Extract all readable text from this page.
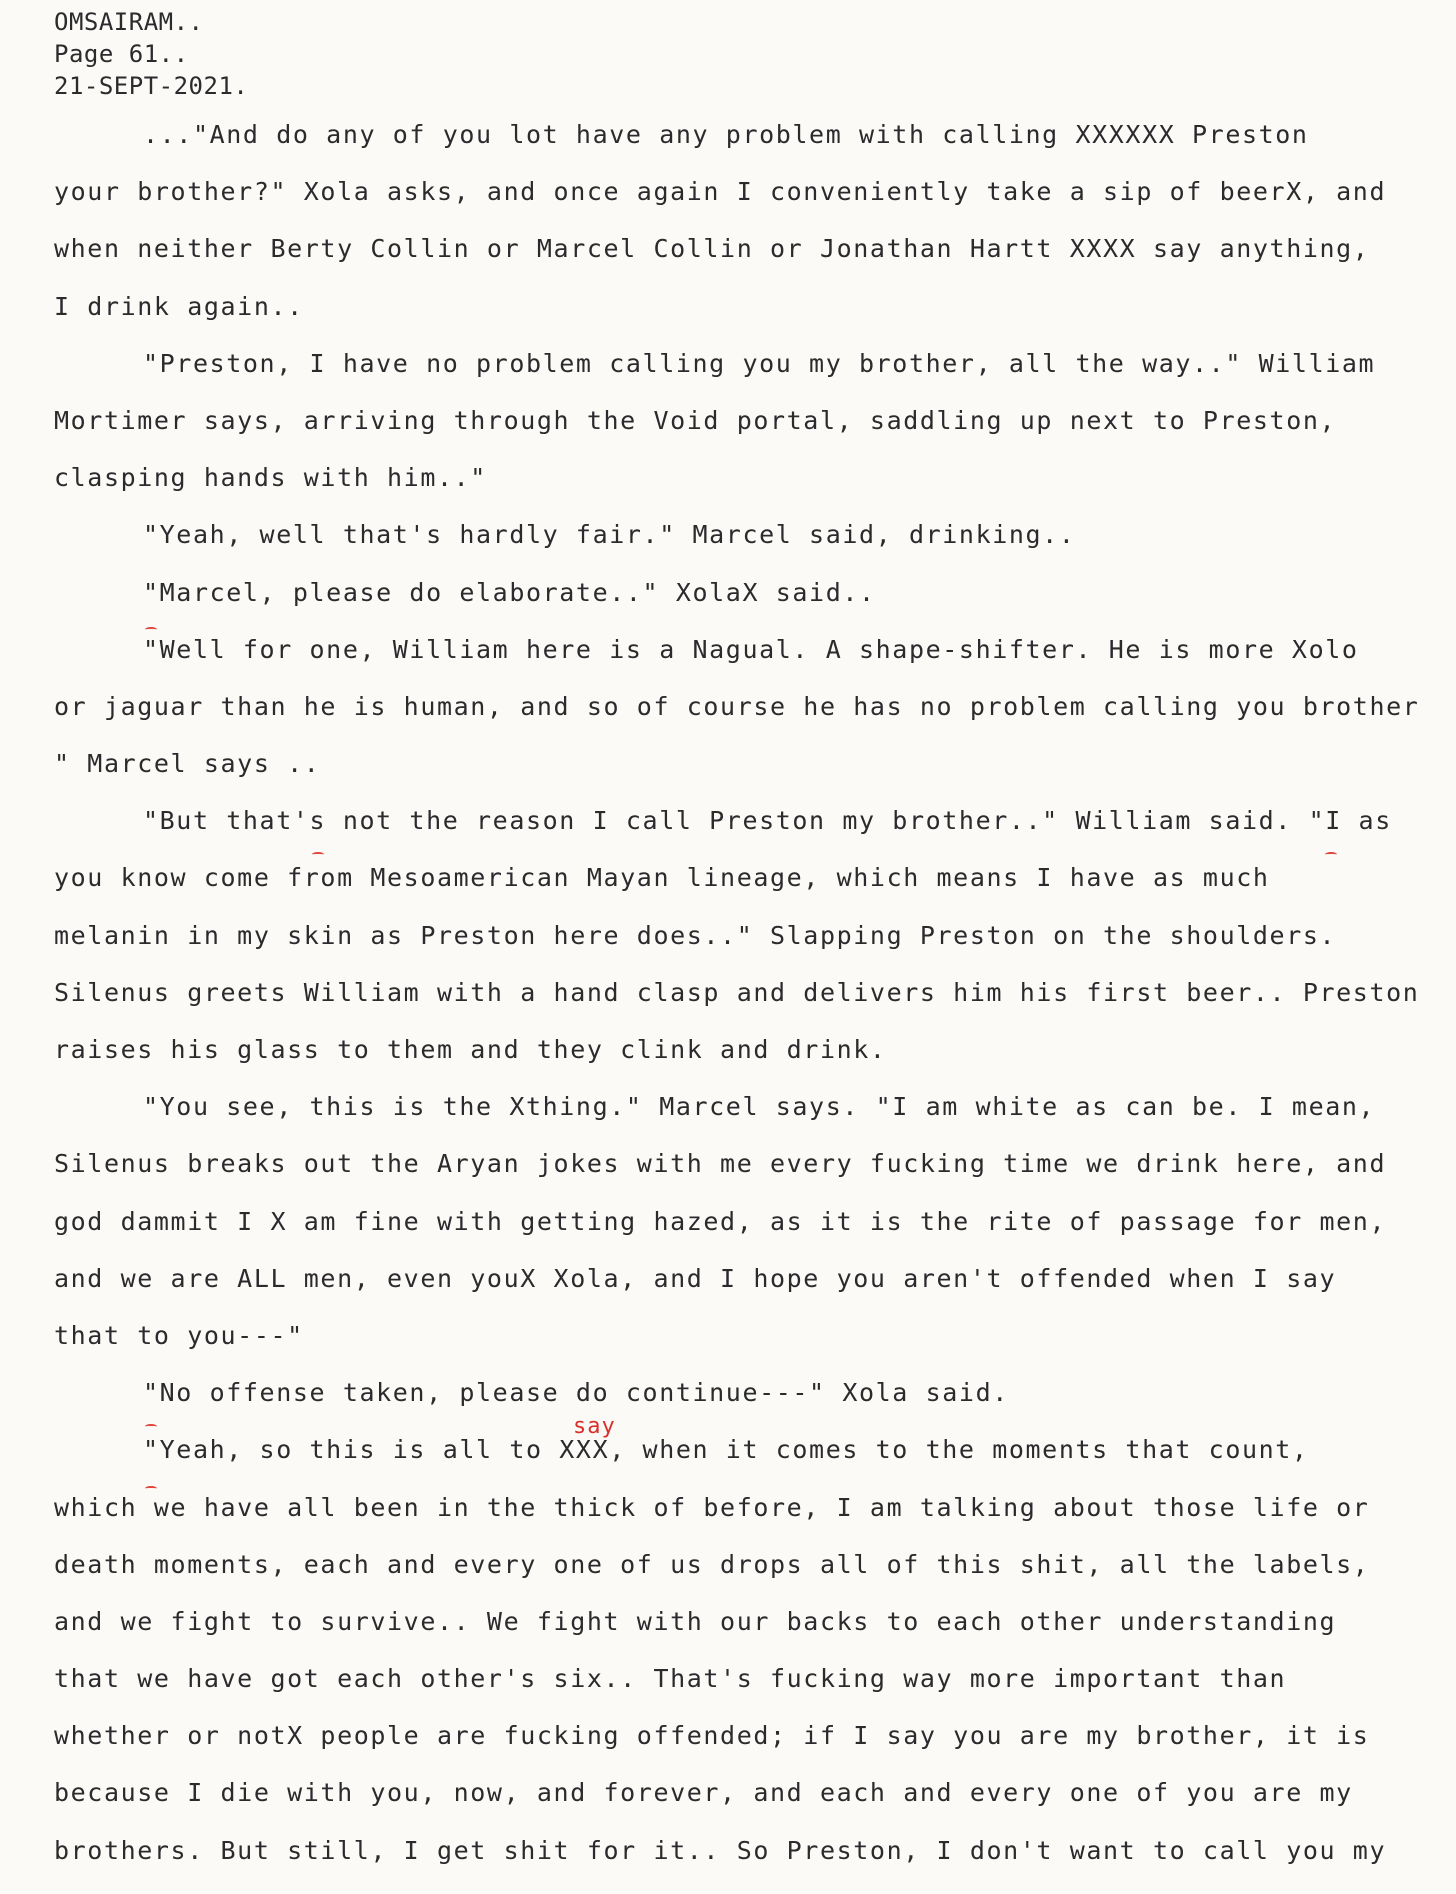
OMSAIRAM..
Page 61..
21-SEPT-2021.
..."And do any of you lot have any problem with calling XXXXXX Preston
your brother?" Xola asks, and once again I conveniently take a sip of beerX, and
when neither Berty Collin or Marcel Collin or Jonathan Hartt XXXX say anything,
I drink again..
"Preston, I have no problem calling you my brother, all the way.." William
Mortimer says, arriving through the Void portal, saddling up next to Preston,
clasping hands with him.."
"Yeah, well that's hardly fair." Marcel said, drinking..
"Marcel, please do elaborate.." XolaX said..
"Well for one, William here is a Nagual. A shape-shifter. He is more Xolo
or jaguar than he is human, and so of course he has no problem calling you brother
" Marcel says ..
"But that's not the reason I call Preston my brother.." William said. "I as
you know come from Mesoamerican Mayan lineage, which means I have as much
melanin in my skin as Preston here does.." Slapping Preston on the shoulders.
Silenus greets William with a hand clasp and delivers him his first beer.. Preston
raises his glass to them and they clink and drink.
"You see, this is the Xthing." Marcel says. "I am white as can be. I mean,
Silenus breaks out the Aryan jokes with me every fucking time we drink here, and
god dammit I X am fine with getting hazed, as it is the rite of passage for men,
and we are ALL men, even youX Xola, and I hope you aren't offended when I say
that to you---"
"No offense taken, please do continue---" Xola said.
"Yeah, so this is all to XXX, when it comes to the moments that count,
which we have all been in the thick of before, I am talking about those life or
death moments, each and every one of us drops all of this shit, all the labels,
and we fight to survive.. We fight with our backs to each other understanding
that we have got each other's six.. That's fucking way more important than
whether or notX people are fucking offended; if I say you are my brother, it is
because I die with you, now, and forever, and each and every one of you are my
brothers. But still, I get shit for it.. So Preston, I don't want to call you my
say
